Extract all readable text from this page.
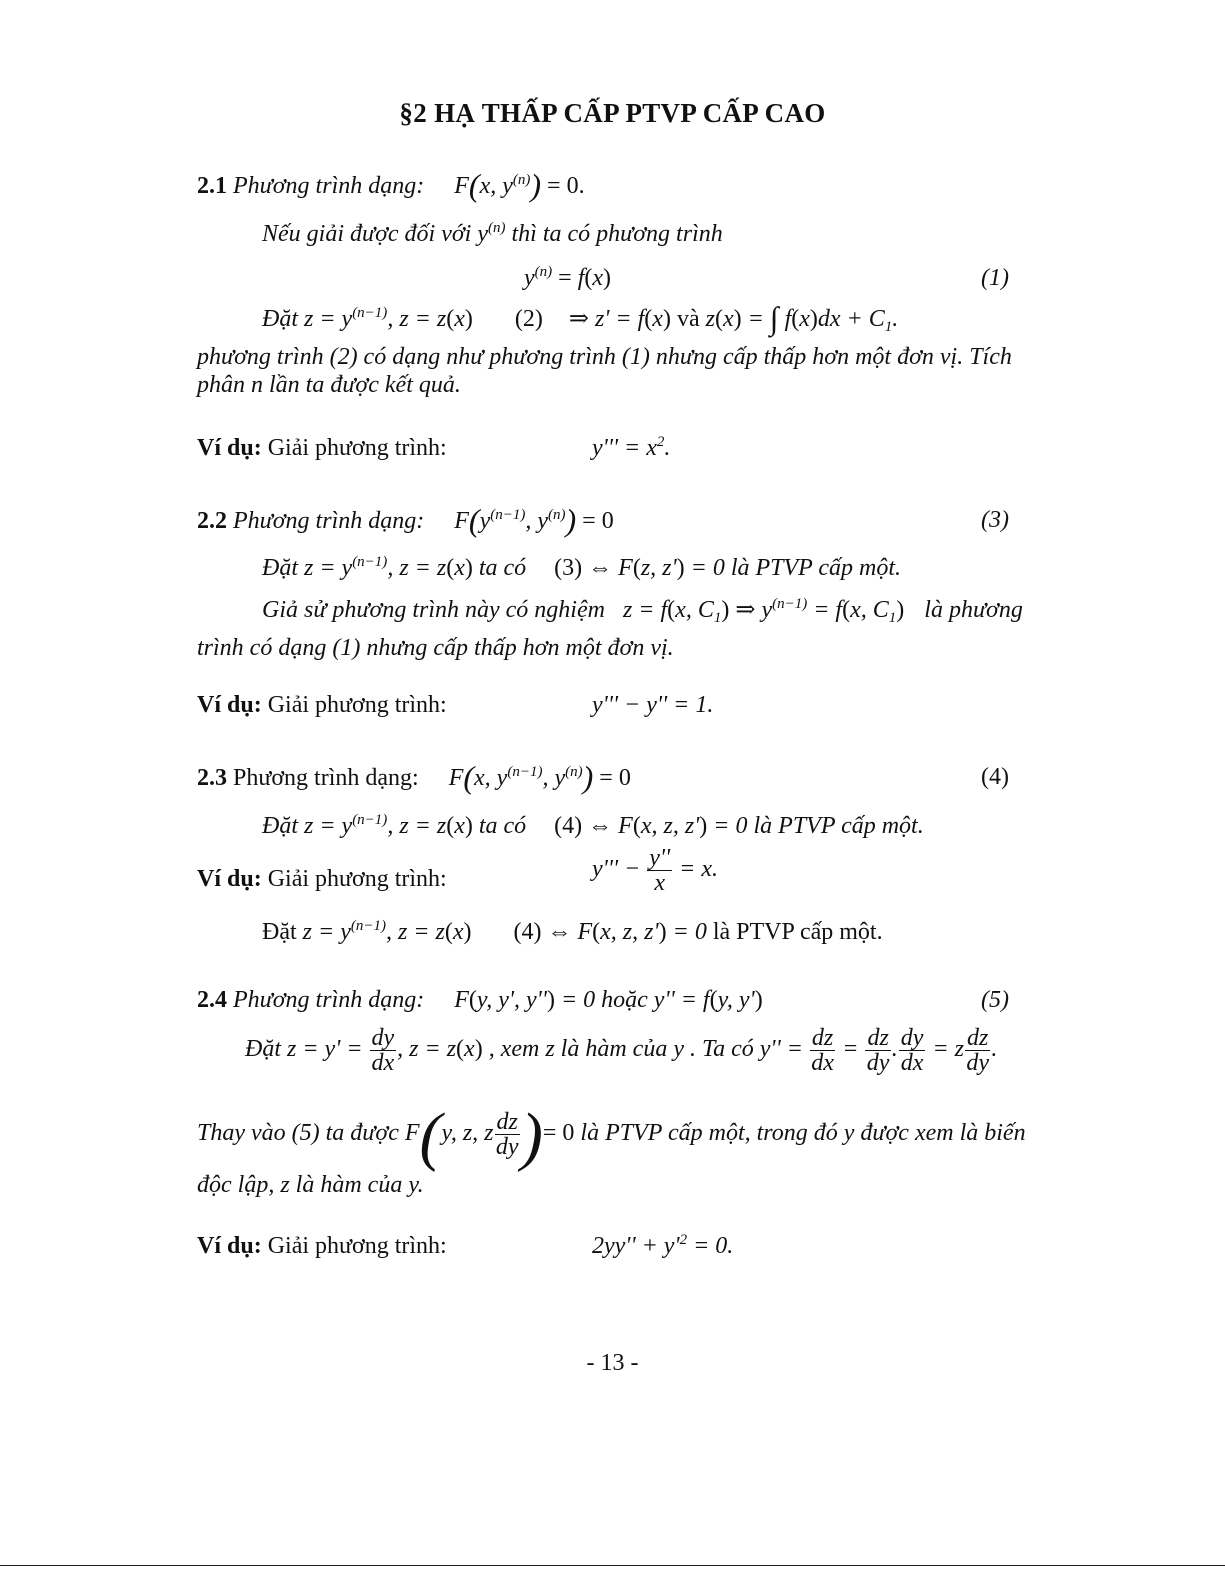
§2 HẠ THẤP CẤP PTVP CẤP CAO
2.1 Phương trình dạng: F(x, $y^{(n)}) = 0$.
Nếu giải được đối với $y^{(n)}$ thì ta có phương trình
$y^{(n)} = f(x)$	(1)
Đặt $z = y^{(n-1)}$, z = z(x) (2) ⇒ z' = f(x) và z(x) = ∫ $f(x)dx + C_1$.
phương trình (2) có dạng như phương trình (1) nhưng cấp thấp hơn một đơn vị. Tích
phân n lần ta được kết quả.
Ví dụ: Giải phương trình:	$y''' = x^2$.
2.2 Phương trình dạng: $F(y^{(n-1)}$, $y^{(n)}) = 0$	(3)
Đặt $z = y^{(n-1)}$, z = z(x) ta có (3) ⇔ F(z, z') = 0 là PTVP cấp một.
Giả sử phương trình này có nghiệm z = f(x, $C_1$) ⇒ $y^{(n-1)} = f(x$, $C_1$) là phương
trình có dạng (1) nhưng cấp thấp hơn một đơn vị.
Ví dụ: Giải phương trình:	y''' − y'' = 1.
2.3 Phương trình dạng: F(x, $y^{(n-1)}$, $y^{(n)}) = 0$	(4)
Đặt $z = y^{(n-1)}$, z = z(x) ta có (4) ⇔ F(x, z, z') = 0 là PTVP cấp một.
Ví dụ: Giải phương trình:	$y''' - \frac{y''}{x} = x$.
Đặt $z = y^{(n-1)}$, z = z(x) (4) ⇔ F(x, z, z') = 0 là PTVP cấp một.
2.4 Phương trình dạng: F(y, y', y'') = 0 hoặc y'' = f(y, y')	(5)
Đặt $z = y' = \frac{dy}{dx}$ , z = z(x) , xem z là hàm của y . Ta có $y'' = \frac{dz}{dx} = \frac{dz}{dy}$ . $\frac{dy}{dx} = z \frac{dz}{dy}$ .
Thay vào (5) ta được F(y, z, z $\frac{dz}{dy}$ )= 0 là PTVP cấp một, trong đó y được xem là biến
độc lập, z là hàm của y.
Ví dụ: Giải phương trình:	$2yy'' + y'^2 = 0$.
- 13 -
